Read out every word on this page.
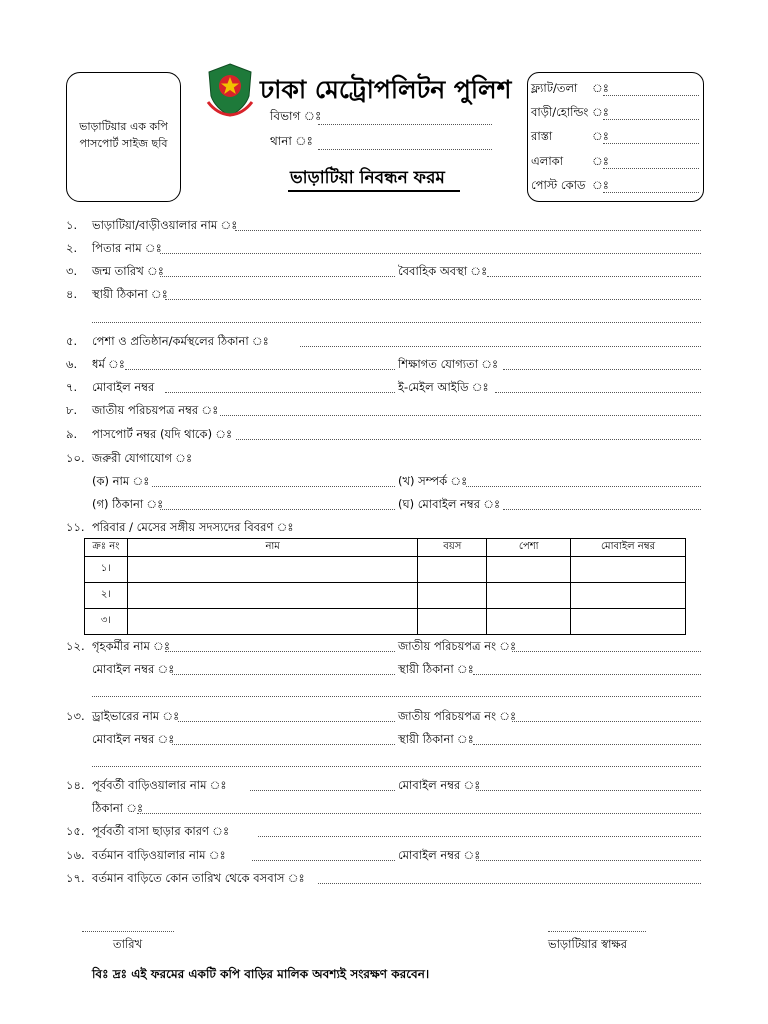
ভাড়াটিয়ার এক কপি
পাসপোর্ট সাইজ ছবি
ঢাকা মেট্রোপলিটন পুলিশ
বিভাগ ঃ
থানা ঃ
ভাড়াটিয়া নিবন্ধন ফরম
ফ্ল্যাট/তলা ঃ
বাড়ী/হোল্ডিং ঃ
রাস্তা	ঃ
এলাকা	ঃ
পোস্ট কোড ঃ
১. ভাড়াটিয়া/বাড়ীওয়ালার নাম ঃ
২. পিতার নাম ঃ
৩. জন্ম তারিখ ঃ	বৈবাহিক অবস্থা ঃ
৪. স্থায়ী ঠিকানা ঃ
৫. পেশা ও প্রতিষ্ঠান/কর্মস্থলের ঠিকানা ঃ
৬. ধর্ম ঃ	শিক্ষাগত যোগ্যতা ঃ
৭. মোবাইল নম্বর	ই-মেইল আইডি ঃ
৮. জাতীয় পরিচয়পত্র নম্বর ঃ
৯. পাসপোর্ট নম্বর (যদি থাকে) ঃ
১০. জরুরী যোগাযোগ ঃ
(ক) নাম ঃ	(খ) সম্পর্ক ঃ
(গ) ঠিকানা ঃ	(ঘ) মোবাইল নম্বর ঃ
১১. পরিবার / মেসের সঙ্গীয় সদস্যদের বিবরণ ঃ
ক্রঃ নং	নাম	বয়স	পেশা	মোবাইল নম্বর
১।				
২।				
৩।				
১২. গৃহকর্মীর নাম ঃ	জাতীয় পরিচয়পত্র নং ঃ
মোবাইল নম্বর ঃ	স্থায়ী ঠিকানা ঃ
১৩. ড্রাইভারের নাম ঃ	জাতীয় পরিচয়পত্র নং ঃ
মোবাইল নম্বর ঃ	স্থায়ী ঠিকানা ঃ
১৪. পূর্ববর্তী বাড়িওয়ালার নাম ঃ	মোবাইল নম্বর ঃ
ঠিকানা ঃ
১৫. পূর্ববর্তী বাসা ছাড়ার কারণ ঃ
১৬. বর্তমান বাড়িওয়ালার নাম ঃ	মোবাইল নম্বর ঃ
১৭. বর্তমান বাড়িতে কোন তারিখ থেকে বসবাস ঃ
তারিখ	ভাড়াটিয়ার স্বাক্ষর
বিঃ দ্রঃ এই ফরমের একটি কপি বাড়ির মালিক অবশ্যই সংরক্ষণ করবেন।
